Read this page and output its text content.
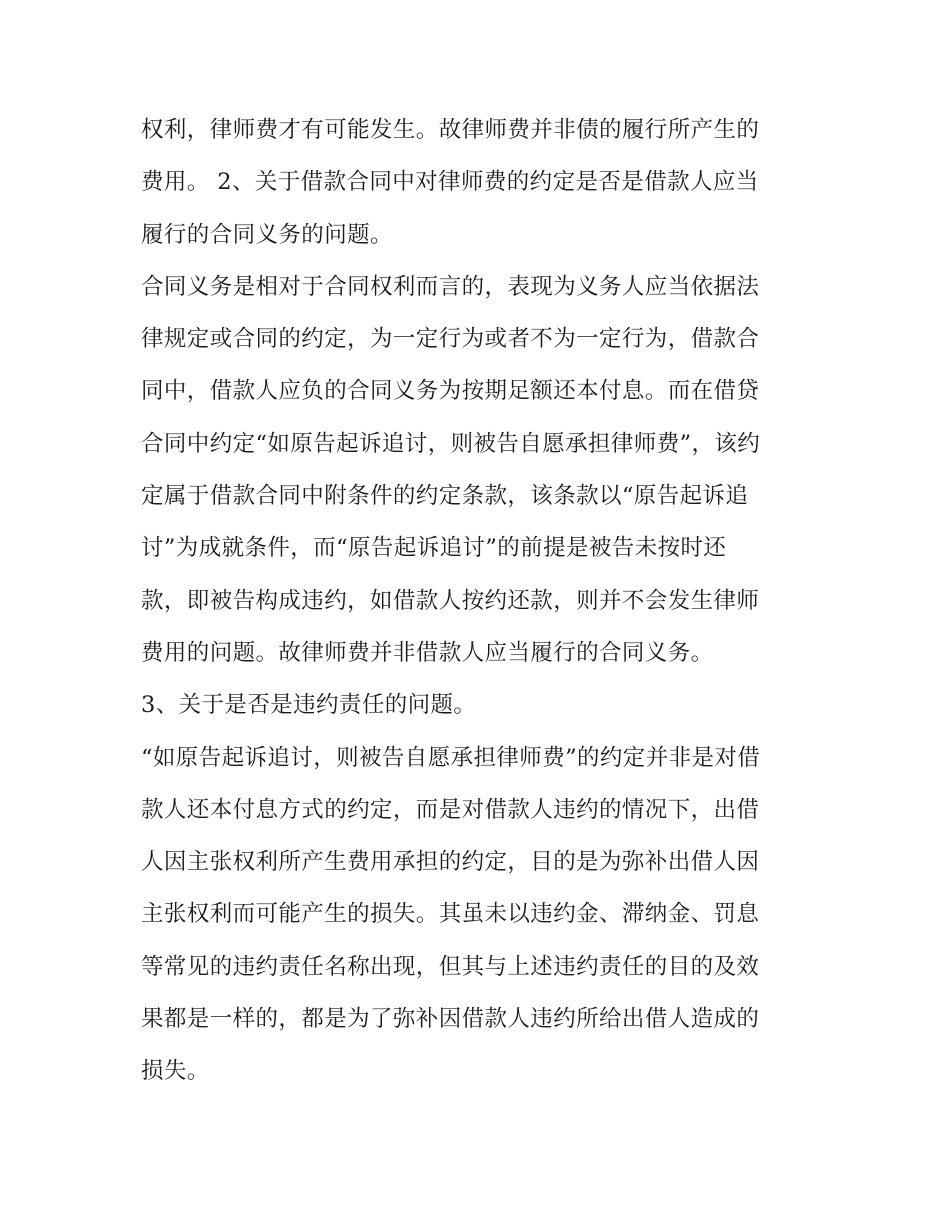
权利，律师费才有可能发生。故律师费并非债的履行所产生的
费用。 2、关于借款合同中对律师费的约定是否是借款人应当
履行的合同义务的问题。
合同义务是相对于合同权利而言的，表现为义务人应当依据法
律规定或合同的约定，为一定行为或者不为一定行为，借款合
同中，借款人应负的合同义务为按期足额还本付息。而在借贷
合同中约定“如原告起诉追讨，则被告自愿承担律师费”，该约
定属于借款合同中附条件的约定条款，该条款以“原告起诉追
讨”为成就条件，而“原告起诉追讨”的前提是被告未按时还
款，即被告构成违约，如借款人按约还款，则并不会发生律师
费用的问题。故律师费并非借款人应当履行的合同义务。
3、关于是否是违约责任的问题。
“如原告起诉追讨，则被告自愿承担律师费”的约定并非是对借
款人还本付息方式的约定，而是对借款人违约的情况下，出借
人因主张权利所产生费用承担的约定，目的是为弥补出借人因
主张权利而可能产生的损失。其虽未以违约金、滞纳金、罚息
等常见的违约责任名称出现，但其与上述违约责任的目的及效
果都是一样的，都是为了弥补因借款人违约所给出借人造成的
损失。
